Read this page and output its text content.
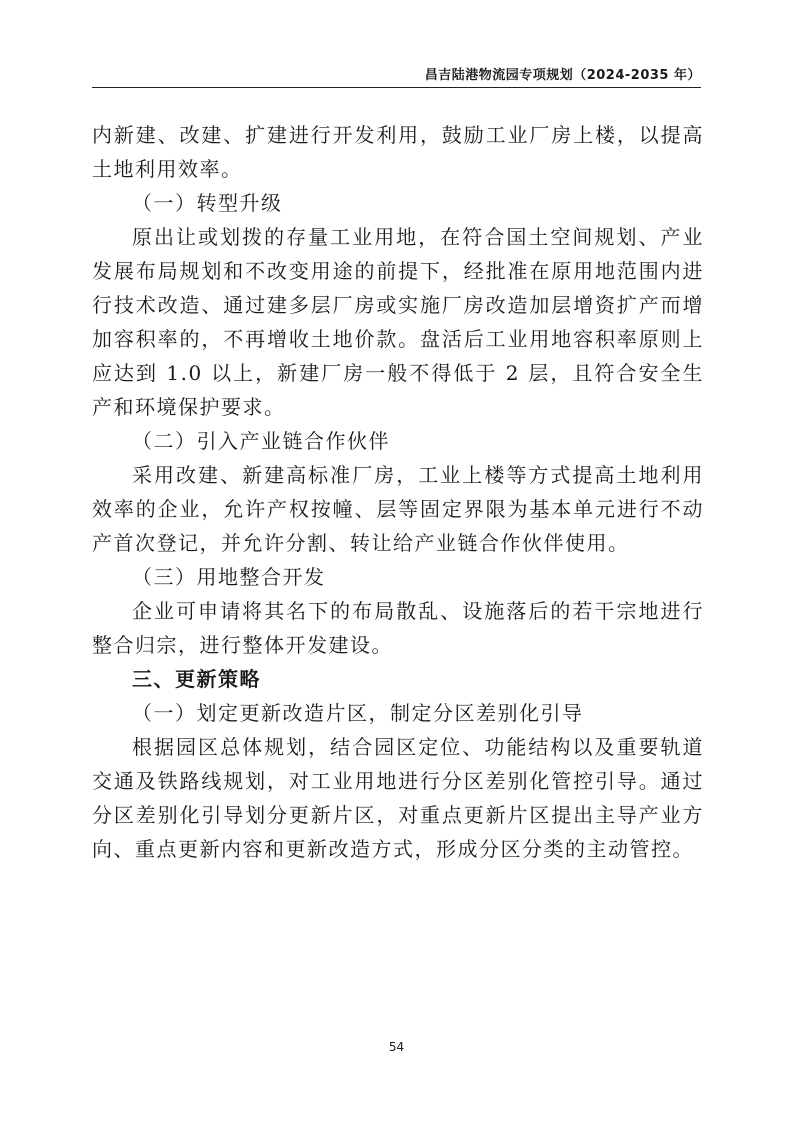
昌吉陆港物流园专项规划（2024-2035 年）

内新建、改建、扩建进行开发利用，鼓励工业厂房上楼，以提高土地利用效率。

（一）转型升级

原出让或划拨的存量工业用地，在符合国土空间规划、产业发展布局规划和不改变用途的前提下，经批准在原用地范围内进行技术改造、通过建多层厂房或实施厂房改造加层增资扩产而增加容积率的，不再增收土地价款。盘活后工业用地容积率原则上应达到 1.0 以上，新建厂房一般不得低于 2 层，且符合安全生产和环境保护要求。

（二）引入产业链合作伙伴

采用改建、新建高标准厂房，工业上楼等方式提高土地利用效率的企业，允许产权按幢、层等固定界限为基本单元进行不动产首次登记，并允许分割、转让给产业链合作伙伴使用。

（三）用地整合开发

企业可申请将其名下的布局散乱、设施落后的若干宗地进行整合归宗，进行整体开发建设。

三、更新策略

（一）划定更新改造片区，制定分区差别化引导

根据园区总体规划，结合园区定位、功能结构以及重要轨道交通及铁路线规划，对工业用地进行分区差别化管控引导。通过分区差别化引导划分更新片区，对重点更新片区提出主导产业方向、重点更新内容和更新改造方式，形成分区分类的主动管控。

54
